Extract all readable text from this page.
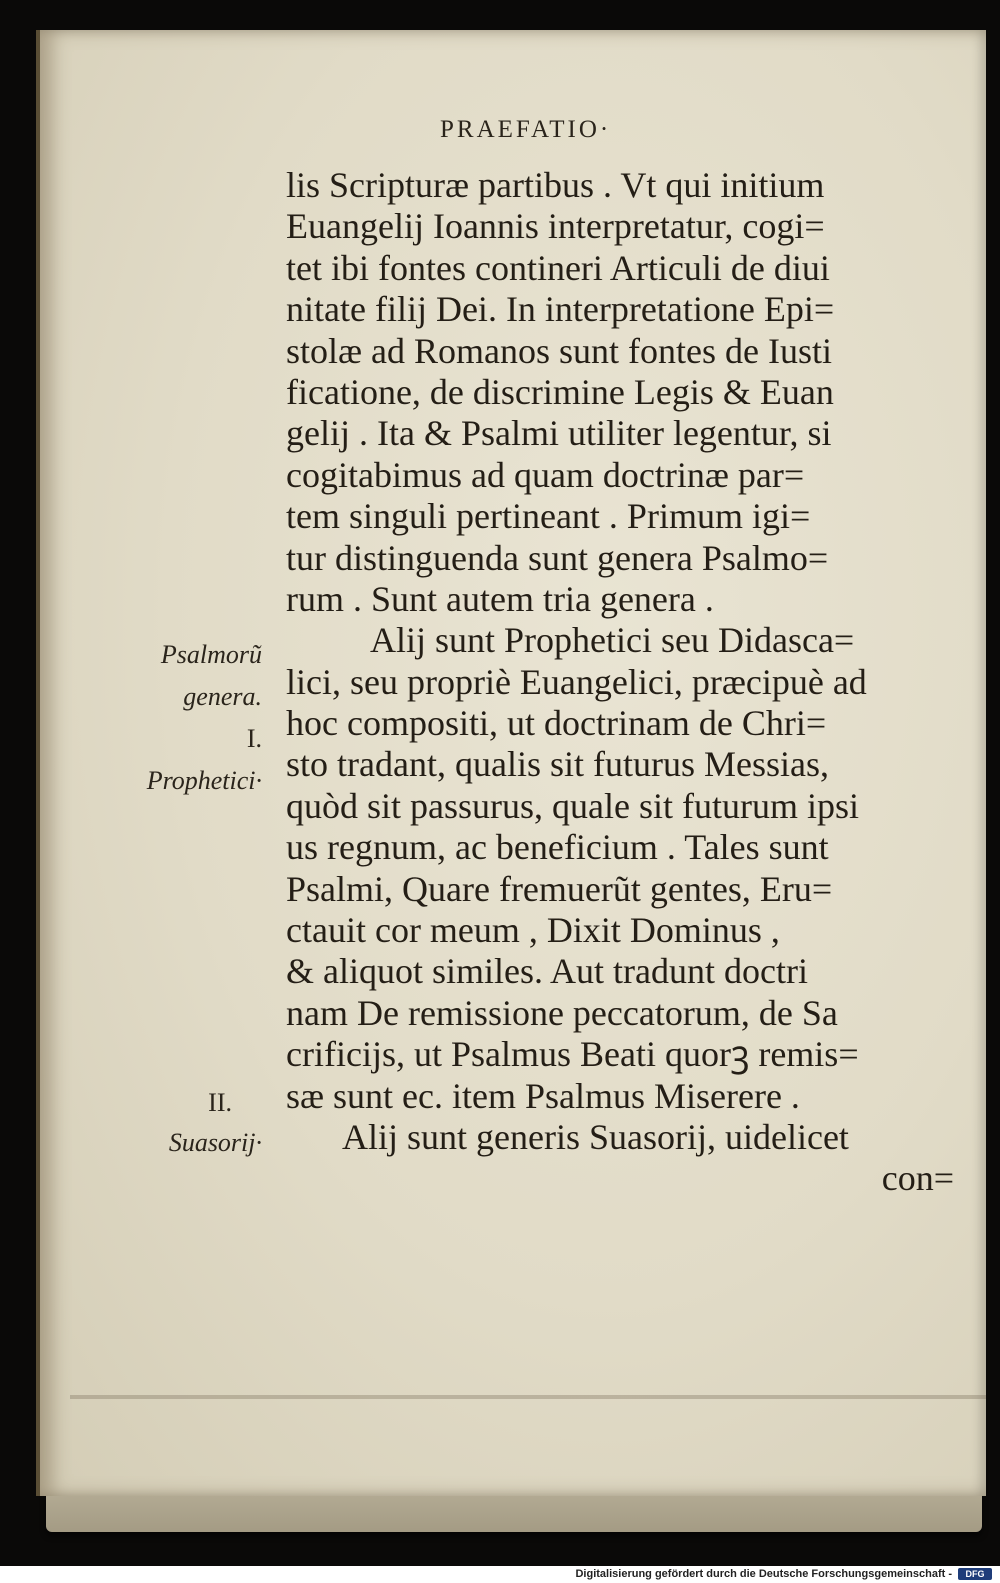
PRAEFATIO·
lis Scripturæ partibus . Vt qui initium
Euangelij Ioannis interpretatur, cogi=
tet ibi fontes contineri Articuli de diui
nitate filij Dei. In interpretatione Epi=
stolæ ad Romanos sunt fontes de Iusti
ficatione, de discrimine Legis & Euan
gelij . Ita & Psalmi utiliter legentur, si
cogitabimus ad quam doctrinæ par=
tem singuli pertineant . Primum igi=
tur distinguenda sunt genera Psalmo=
rum . Sunt autem tria genera .
Alij sunt Prophetici seu Didasca=
lici, seu propriè Euangelici, præcipuè ad
hoc compositi, ut doctrinam de Chri=
sto tradant, qualis sit futurus Messias,
quòd sit passurus, quale sit futurum ipsi
us regnum, ac beneficium . Tales sunt
Psalmi, Quare fremuerũt gentes, Eru=
ctauit cor meum , Dixit Dominus ,
& aliquot similes. Aut tradunt doctri
nam De remissione peccatorum, de Sa
crificijs, ut Psalmus Beati quorꝫ remis=
sæ sunt ec. item Psalmus Miserere .
Alij sunt generis Suasorij, uidelicet
con=
Psalmorũ
genera.
I.
Prophetici·
II.
Suasorij·
Digitalisierung gefördert durch die Deutsche Forschungsgemeinschaft -	DFG
